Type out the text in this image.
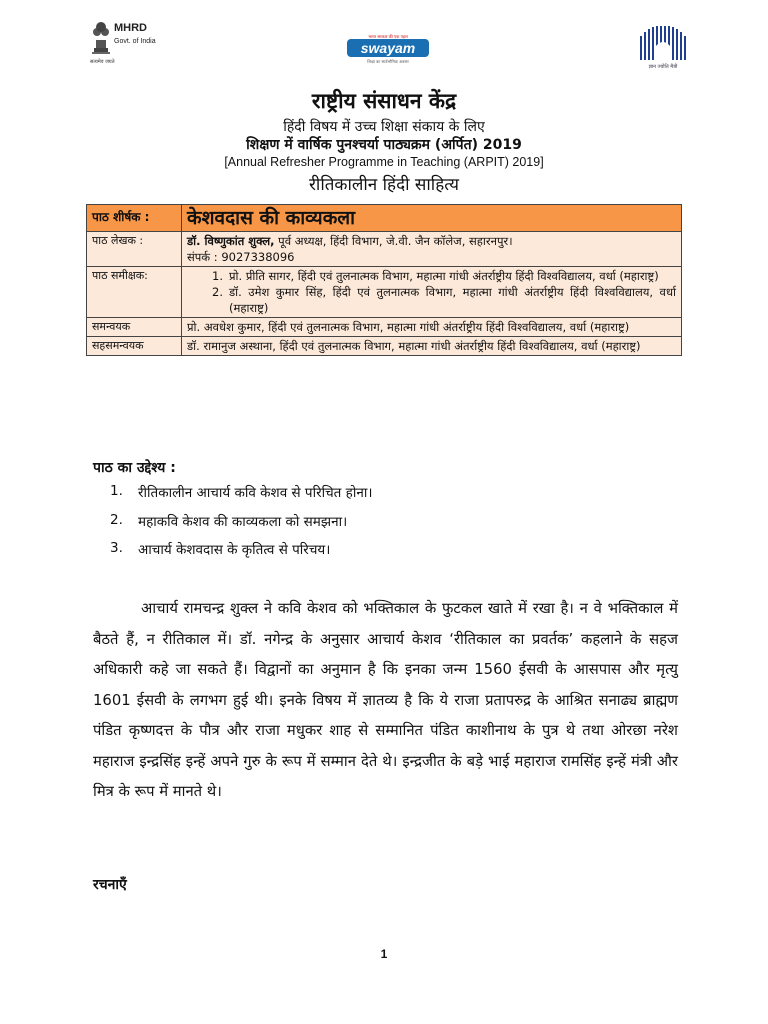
MHRD
Govt. of India
सत्यमेव जयते
भारत सरकार की एक पहल
swayam
शिक्षा का सार्वभौमिक अवसर
ज्ञान ज्योति मैत्री
राष्ट्रीय संसाधन केंद्र
हिंदी विषय में उच्च शिक्षा संकाय के लिए
शिक्षण में वार्षिक पुनश्चर्या पाठ्यक्रम (अर्पित) 2019
[Annual Refresher Programme in Teaching (ARPIT) 2019]
रीतिकालीन हिंदी साहित्य
पाठ शीर्षक :	केशवदास की काव्यकला
पाठ लेखक :	डॉ. विष्णुकांत शुक्ल, पूर्व अध्यक्ष, हिंदी विभाग, जे.वी. जैन कॉलेज, सहारनपुर।
संपर्क : 9027338096

पाठ समीक्षक:	1. प्रो. प्रीति सागर, हिंदी एवं तुलनात्मक विभाग, महात्मा गांधी अंतर्राष्ट्रीय हिंदी विश्वविद्यालय, वर्धा (महाराष्ट्र)
2. डॉ. उमेश कुमार सिंह, हिंदी एवं तुलनात्मक विभाग, महात्मा गांधी अंतर्राष्ट्रीय हिंदी विश्वविद्यालय, वर्धा (महाराष्ट्र)

समन्वयक	प्रो. अवधेश कुमार, हिंदी एवं तुलनात्मक विभाग, महात्मा गांधी अंतर्राष्ट्रीय हिंदी विश्वविद्यालय, वर्धा (महाराष्ट्र)
सहसमन्वयक	डॉ. रामानुज अस्थाना, हिंदी एवं तुलनात्मक विभाग, महात्मा गांधी अंतर्राष्ट्रीय हिंदी विश्वविद्यालय, वर्धा (महाराष्ट्र)
पाठ का उद्देश्य :
1.	रीतिकालीन आचार्य कवि केशव से परिचित होना।
2.	महाकवि केशव की काव्यकला को समझना।
3.	आचार्य केशवदास के कृतित्व से परिचय।

आचार्य रामचन्द्र शुक्ल ने कवि केशव को भक्तिकाल के फुटकल खाते में रखा है। न वे भक्तिकाल में बैठते हैं, न रीतिकाल में। डॉ. नगेन्द्र के अनुसार आचार्य केशव ‘रीतिकाल का प्रवर्तक’ कहलाने के सहज अधिकारी कहे जा सकते हैं। विद्वानों का अनुमान है कि इनका जन्म 1560 ईसवी के आसपास और मृत्यु 1601 ईसवी के लगभग हुई थी। इनके विषय में ज्ञातव्य है कि ये राजा प्रतापरुद्र के आश्रित सनाढ्य ब्राह्मण पंडित कृष्णदत्त के पौत्र और राजा मधुकर शाह से सम्मानित पंडित काशीनाथ के पुत्र थे तथा ओरछा नरेश महाराज इन्द्रसिंह इन्हें अपने गुरु के रूप में सम्मान देते थे। इन्द्रजीत के बड़े भाई महाराज रामसिंह इन्हें मंत्री और मित्र के रूप में मानते थे।

रचनाएँ
1
